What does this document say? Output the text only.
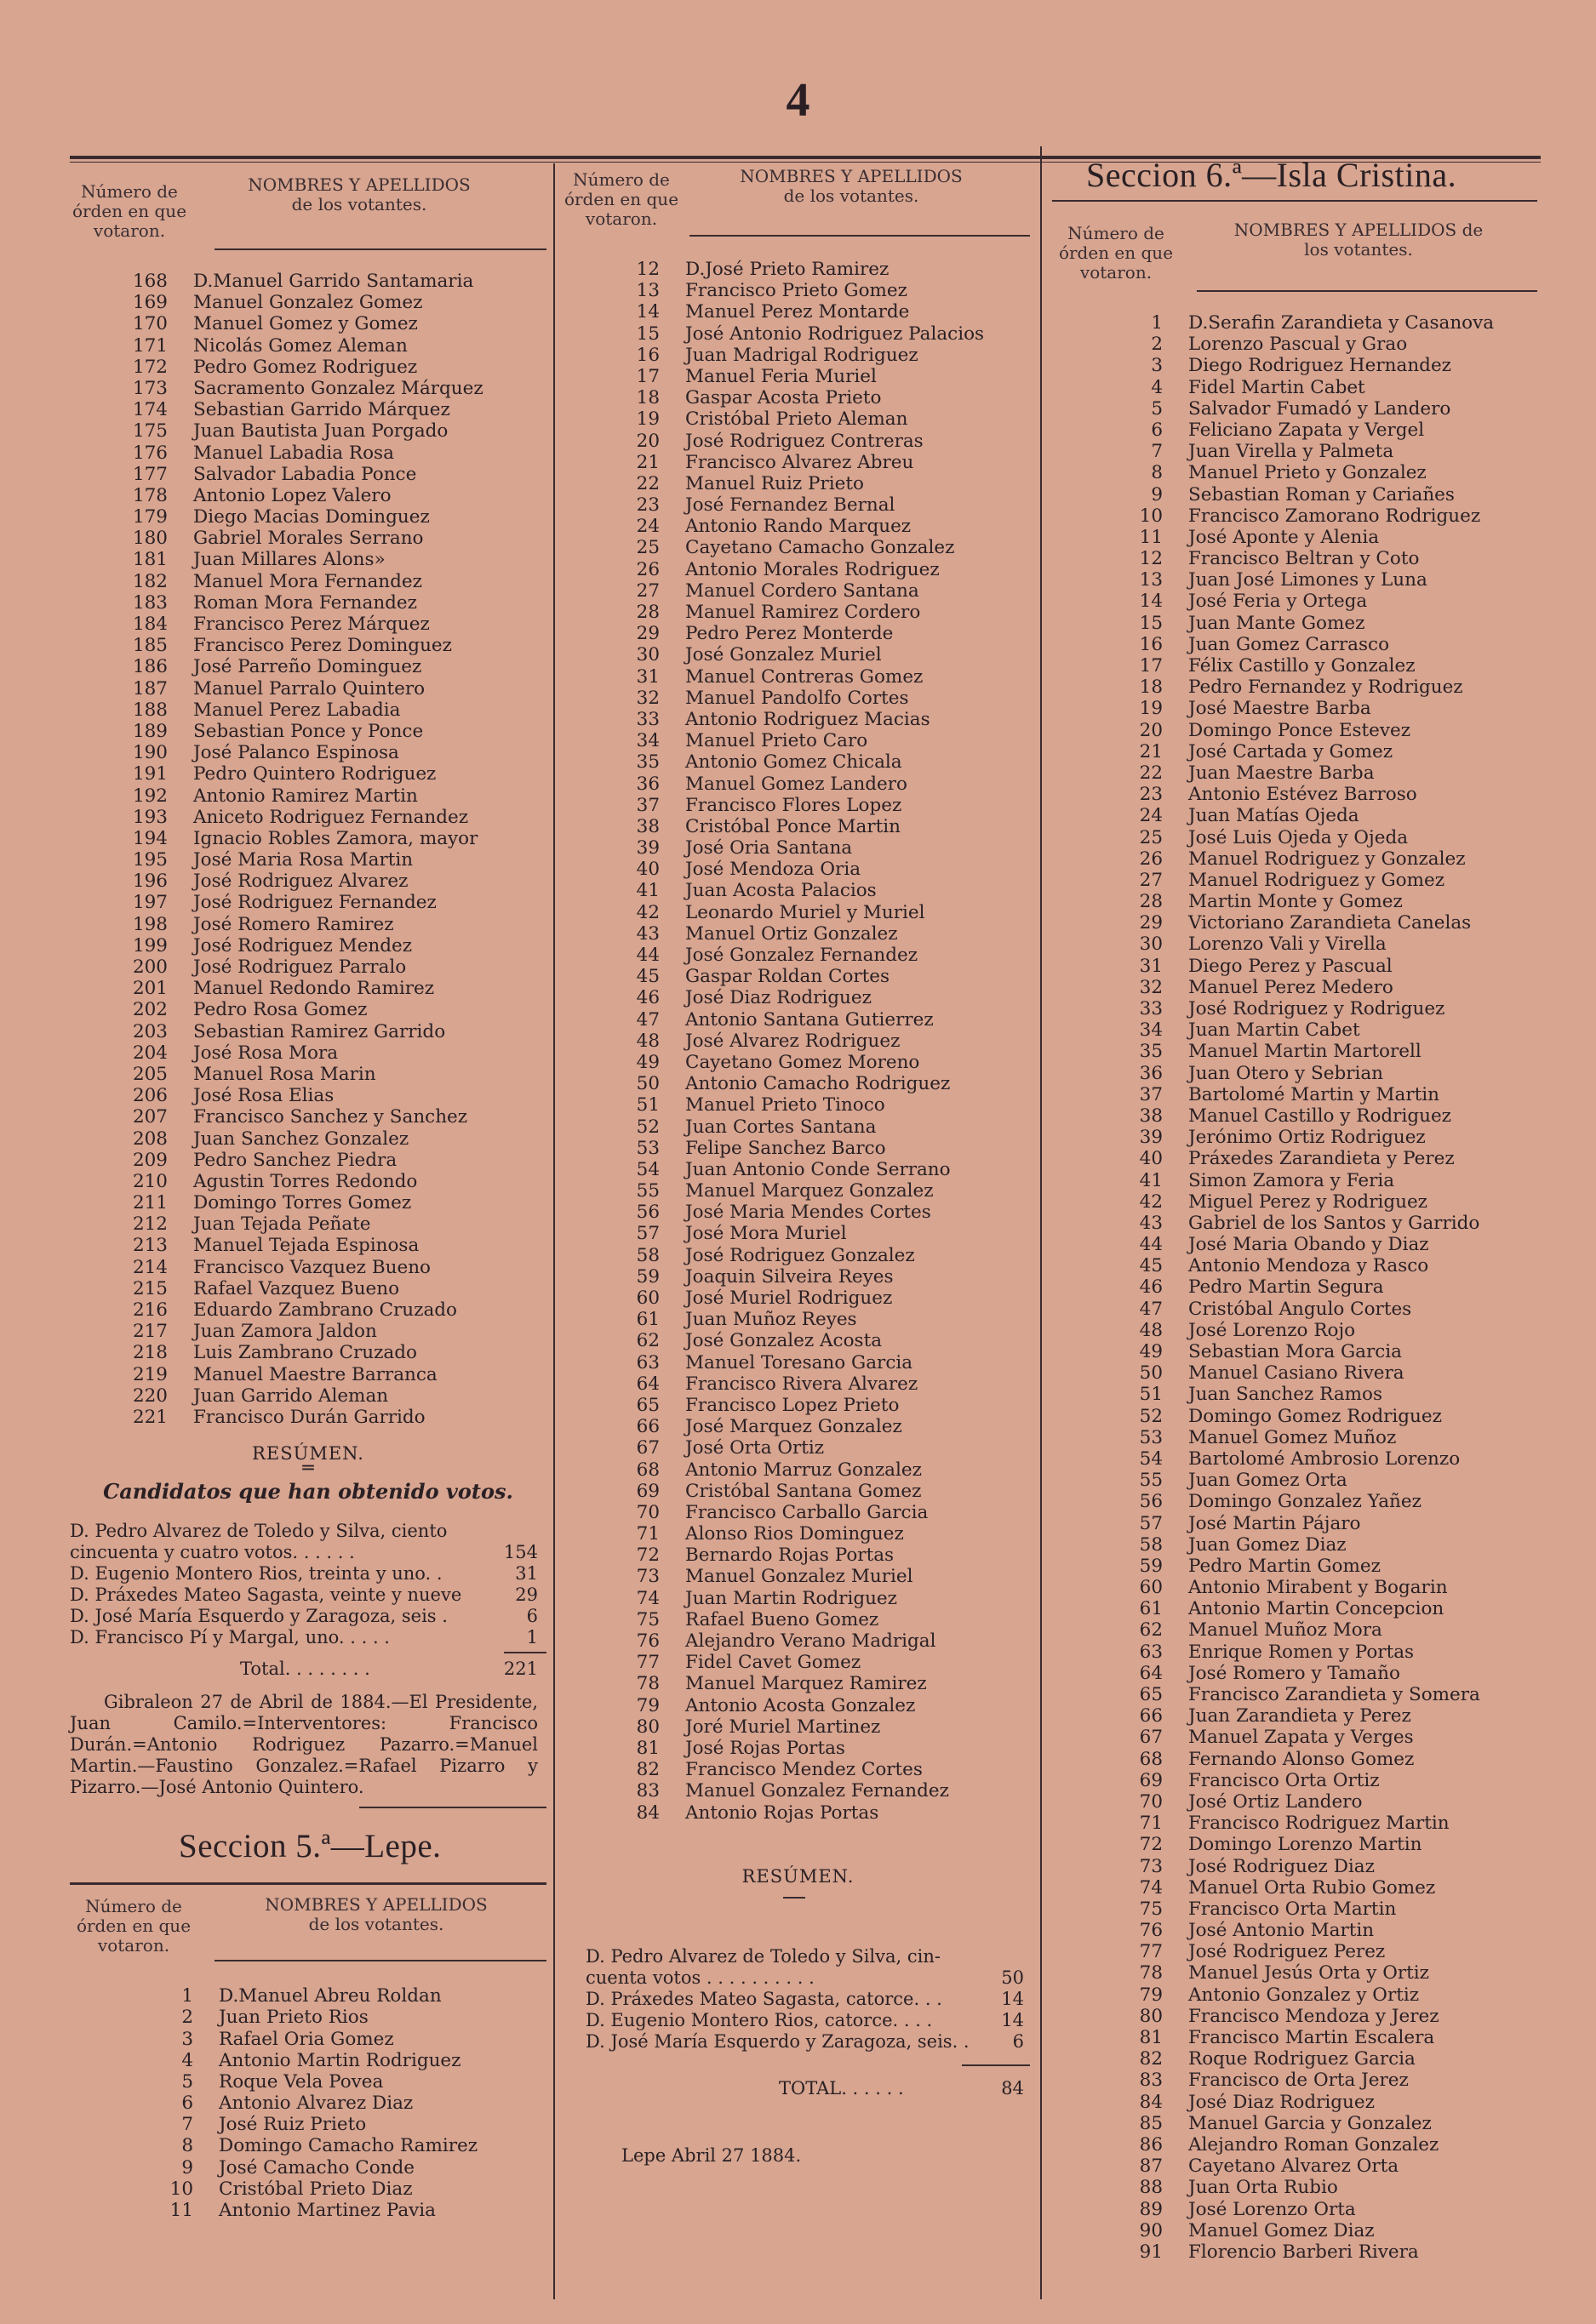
4
Número de órden en que votaron.
NOMBRES Y APELLIDOS de los votantes.
168	D.Manuel Garrido Santamaria
169	Manuel Gonzalez Gomez
170	Manuel Gomez y Gomez
171	Nicolás Gomez Aleman
172	Pedro Gomez Rodriguez
173	Sacramento Gonzalez Márquez
174	Sebastian Garrido Márquez
175	Juan Bautista Juan Porgado
176	Manuel Labadia Rosa
177	Salvador Labadia Ponce
178	Antonio Lopez Valero
179	Diego Macias Dominguez
180	Gabriel Morales Serrano
181	Juan Millares Alons»
182	Manuel Mora Fernandez
183	Roman Mora Fernandez
184	Francisco Perez Márquez
185	Francisco Perez Dominguez
186	José Parreño Dominguez
187	Manuel Parralo Quintero
188	Manuel Perez Labadia
189	Sebastian Ponce y Ponce
190	José Palanco Espinosa
191	Pedro Quintero Rodriguez
192	Antonio Ramirez Martin
193	Aniceto Rodriguez Fernandez
194	Ignacio Robles Zamora, mayor
195	José Maria Rosa Martin
196	José Rodriguez Alvarez
197	José Rodriguez Fernandez
198	José Romero Ramirez
199	José Rodriguez Mendez
200	José Rodriguez Parralo
201	Manuel Redondo Ramirez
202	Pedro Rosa Gomez
203	Sebastian Ramirez Garrido
204	José Rosa Mora
205	Manuel Rosa Marin
206	José Rosa Elias
207	Francisco Sanchez y Sanchez
208	Juan Sanchez Gonzalez
209	Pedro Sanchez Piedra
210	Agustin Torres Redondo
211	Domingo Torres Gomez
212	Juan Tejada Peñate
213	Manuel Tejada Espinosa
214	Francisco Vazquez Bueno
215	Rafael Vazquez Bueno
216	Eduardo Zambrano Cruzado
217	Juan Zamora Jaldon
218	Luis Zambrano Cruzado
219	Manuel Maestre Barranca
220	Juan Garrido Aleman
221	Francisco Durán Garrido
RESÚMEN.
═
Candidatos que han obtenido votos.
D. Pedro Alvarez de Toledo y Silva, ciento
cincuenta y cuatro votos. . . . . .	154
D. Eugenio Montero Rios, treinta y uno. .	31
D. Práxedes Mateo Sagasta, veinte y nueve	29
D. José María Esquerdo y Zaragoza, seis .	6
D. Francisco Pí y Margal, uno. . . . .	1
Total. . . . . . . .	221
Gibraleon 27 de Abril de 1884.—El Presidente, Juan Camilo.=Interventores: Francisco Durán.=Antonio Rodriguez Pazarro.=Manuel Martin.—Faustino Gonzalez.=Rafael Pizarro y Pizarro.—José Antonio Quintero.
Seccion 5.ª—Lepe.
Número de órden en que votaron.
NOMBRES Y APELLIDOS de los votantes.
1	D.Manuel Abreu Roldan
2	Juan Prieto Rios
3	Rafael Oria Gomez
4	Antonio Martin Rodriguez
5	Roque Vela Povea
6	Antonio Alvarez Diaz
7	José Ruiz Prieto
8	Domingo Camacho Ramirez
9	José Camacho Conde
10	Cristóbal Prieto Diaz
11	Antonio Martinez Pavia
Número de órden en que votaron.
NOMBRES Y APELLIDOS de los votantes.
12	D.José Prieto Ramirez
13	Francisco Prieto Gomez
14	Manuel Perez Montarde
15	José Antonio Rodriguez Palacios
16	Juan Madrigal Rodriguez
17	Manuel Feria Muriel
18	Gaspar Acosta Prieto
19	Cristóbal Prieto Aleman
20	José Rodriguez Contreras
21	Francisco Alvarez Abreu
22	Manuel Ruiz Prieto
23	José Fernandez Bernal
24	Antonio Rando Marquez
25	Cayetano Camacho Gonzalez
26	Antonio Morales Rodriguez
27	Manuel Cordero Santana
28	Manuel Ramirez Cordero
29	Pedro Perez Monterde
30	José Gonzalez Muriel
31	Manuel Contreras Gomez
32	Manuel Pandolfo Cortes
33	Antonio Rodriguez Macias
34	Manuel Prieto Caro
35	Antonio Gomez Chicala
36	Manuel Gomez Landero
37	Francisco Flores Lopez
38	Cristóbal Ponce Martin
39	José Oria Santana
40	José Mendoza Oria
41	Juan Acosta Palacios
42	Leonardo Muriel y Muriel
43	Manuel Ortiz Gonzalez
44	José Gonzalez Fernandez
45	Gaspar Roldan Cortes
46	José Diaz Rodriguez
47	Antonio Santana Gutierrez
48	José Alvarez Rodriguez
49	Cayetano Gomez Moreno
50	Antonio Camacho Rodriguez
51	Manuel Prieto Tinoco
52	Juan Cortes Santana
53	Felipe Sanchez Barco
54	Juan Antonio Conde Serrano
55	Manuel Marquez Gonzalez
56	José Maria Mendes Cortes
57	José Mora Muriel
58	José Rodriguez Gonzalez
59	Joaquin Silveira Reyes
60	José Muriel Rodriguez
61	Juan Muñoz Reyes
62	José Gonzalez Acosta
63	Manuel Toresano Garcia
64	Francisco Rivera Alvarez
65	Francisco Lopez Prieto
66	José Marquez Gonzalez
67	José Orta Ortiz
68	Antonio Marruz Gonzalez
69	Cristóbal Santana Gomez
70	Francisco Carballo Garcia
71	Alonso Rios Dominguez
72	Bernardo Rojas Portas
73	Manuel Gonzalez Muriel
74	Juan Martin Rodriguez
75	Rafael Bueno Gomez
76	Alejandro Verano Madrigal
77	Fidel Cavet Gomez
78	Manuel Marquez Ramirez
79	Antonio Acosta Gonzalez
80	Joré Muriel Martinez
81	José Rojas Portas
82	Francisco Mendez Cortes
83	Manuel Gonzalez Fernandez
84	Antonio Rojas Portas
RESÚMEN.
D. Pedro Alvarez de Toledo y Silva, cin-
cuenta votos . . . . . . . . . .	50
D. Práxedes Mateo Sagasta, catorce. . .	14
D. Eugenio Montero Rios, catorce. . . .	14
D. José María Esquerdo y Zaragoza, seis. .	6
TOTAL. . . . . .	84
Lepe Abril 27 1884.
Seccion 6.ª—Isla Cristina.
Número de órden en que votaron.
NOMBRES Y APELLIDOS de los votantes.
1	D.Serafin Zarandieta y Casanova
2	Lorenzo Pascual y Grao
3	Diego Rodriguez Hernandez
4	Fidel Martin Cabet
5	Salvador Fumadó y Landero
6	Feliciano Zapata y Vergel
7	Juan Virella y Palmeta
8	Manuel Prieto y Gonzalez
9	Sebastian Roman y Cariañes
10	Francisco Zamorano Rodriguez
11	José Aponte y Alenia
12	Francisco Beltran y Coto
13	Juan José Limones y Luna
14	José Feria y Ortega
15	Juan Mante Gomez
16	Juan Gomez Carrasco
17	Félix Castillo y Gonzalez
18	Pedro Fernandez y Rodriguez
19	José Maestre Barba
20	Domingo Ponce Estevez
21	José Cartada y Gomez
22	Juan Maestre Barba
23	Antonio Estévez Barroso
24	Juan Matías Ojeda
25	José Luis Ojeda y Ojeda
26	Manuel Rodriguez y Gonzalez
27	Manuel Rodriguez y Gomez
28	Martin Monte y Gomez
29	Victoriano Zarandieta Canelas
30	Lorenzo Vali y Virella
31	Diego Perez y Pascual
32	Manuel Perez Medero
33	José Rodriguez y Rodriguez
34	Juan Martin Cabet
35	Manuel Martin Martorell
36	Juan Otero y Sebrian
37	Bartolomé Martin y Martin
38	Manuel Castillo y Rodriguez
39	Jerónimo Ortiz Rodriguez
40	Práxedes Zarandieta y Perez
41	Simon Zamora y Feria
42	Miguel Perez y Rodriguez
43	Gabriel de los Santos y Garrido
44	José Maria Obando y Diaz
45	Antonio Mendoza y Rasco
46	Pedro Martin Segura
47	Cristóbal Angulo Cortes
48	José Lorenzo Rojo
49	Sebastian Mora Garcia
50	Manuel Casiano Rivera
51	Juan Sanchez Ramos
52	Domingo Gomez Rodriguez
53	Manuel Gomez Muñoz
54	Bartolomé Ambrosio Lorenzo
55	Juan Gomez Orta
56	Domingo Gonzalez Yañez
57	José Martin Pájaro
58	Juan Gomez Diaz
59	Pedro Martin Gomez
60	Antonio Mirabent y Bogarin
61	Antonio Martin Concepcion
62	Manuel Muñoz Mora
63	Enrique Romen y Portas
64	José Romero y Tamaño
65	Francisco Zarandieta y Somera
66	Juan Zarandieta y Perez
67	Manuel Zapata y Verges
68	Fernando Alonso Gomez
69	Francisco Orta Ortiz
70	José Ortiz Landero
71	Francisco Rodriguez Martin
72	Domingo Lorenzo Martin
73	José Rodriguez Diaz
74	Manuel Orta Rubio Gomez
75	Francisco Orta Martin
76	José Antonio Martin
77	José Rodriguez Perez
78	Manuel Jesús Orta y Ortiz
79	Antonio Gonzalez y Ortiz
80	Francisco Mendoza y Jerez
81	Francisco Martin Escalera
82	Roque Rodriguez Garcia
83	Francisco de Orta Jerez
84	José Diaz Rodriguez
85	Manuel Garcia y Gonzalez
86	Alejandro Roman Gonzalez
87	Cayetano Alvarez Orta
88	Juan Orta Rubio
89	José Lorenzo Orta
90	Manuel Gomez Diaz
91	Florencio Barberi Rivera
